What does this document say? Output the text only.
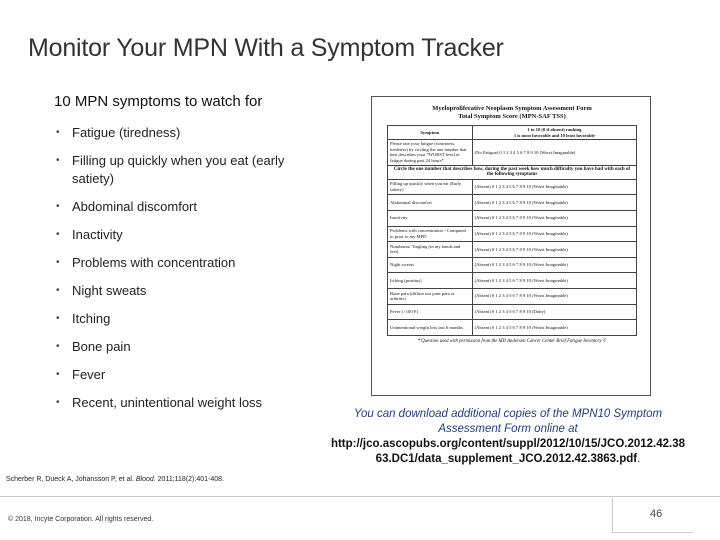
Monitor Your MPN With a Symptom Tracker
10 MPN symptoms to watch for
• Fatigue (tiredness)
• Filling up quickly when you eat (early satiety)
• Abdominal discomfort
• Inactivity
• Problems with concentration
• Night sweats
• Itching
• Bone pain
• Fever
• Recent, unintentional weight loss
Myeloproliferative Neoplasm Symptom Assessment Form
Total Symptom Score (MPN-SAF TSS)
Symptom	1 to 10 (0 if absent) ranking
1 is most favorable and 10 least favorable
Please rate your fatigue (weariness, tiredness) by circling the one number that best describes your *WORST level of fatigue during past 24 hours*	(No Fatigue) 0 1 2 3 4 5 6 7 8 9 10 (Worst Imaginable)
Circle the one number that describes how, during the past week how much difficulty you have had with each of the following symptoms	
Filling up quickly when you eat (Early satiety)	(Absent) 0 1 2 3 4 5 6 7 8 9 10 (Worst Imaginable)
Abdominal discomfort	(Absent) 0 1 2 3 4 5 6 7 8 9 10 (Worst Imaginable)
Inactivity	(Absent) 0 1 2 3 4 5 6 7 8 9 10 (Worst Imaginable)
Problems with concentration - Compared to prior to my MPD	(Absent) 0 1 2 3 4 5 6 7 8 9 10 (Worst Imaginable)
Numbness/ Tingling (in my hands and feet)	(Absent) 0 1 2 3 4 5 6 7 8 9 10 (Worst Imaginable)
Night sweats	(Absent) 0 1 2 3 4 5 6 7 8 9 10 (Worst Imaginable)
Itching (pruritus)	(Absent) 0 1 2 3 4 5 6 7 8 9 10 (Worst Imaginable)
Bone pain (diffuse not joint pain or arthritis)	(Absent) 0 1 2 3 4 5 6 7 8 9 10 (Worst Imaginable)
Fever (>100 F)	(Absent) 0 1 2 3 4 5 6 7 8 9 10 (Daily)
Unintentional weight loss last 6 months	(Absent) 0 1 2 3 4 5 6 7 8 9 10 (Worst Imaginable)
* Question used with permission from the MD Anderson Cancer Center Brief Fatigue Inventory ©
You can download additional copies of the MPN10 Symptom Assessment Form online at
http://jco.ascopubs.org/content/suppl/2012/10/15/JCO.2012.42.38
63.DC1/data_supplement_JCO.2012.42.3863.pdf.
Scherber R, Dueck A, Johansson P, et al. Blood. 2011;118(2):401-408.
© 2018, Incyte Corporation. All rights reserved.	46
